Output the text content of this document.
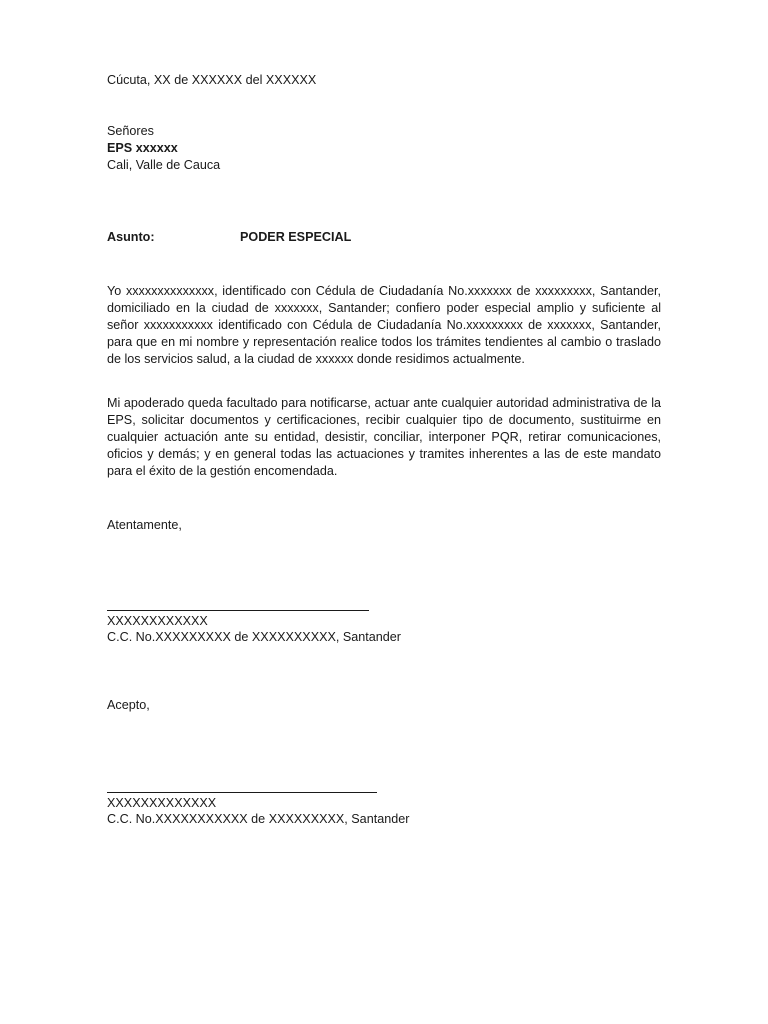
Cúcuta, XX de XXXXXX del XXXXXX
Señores
EPS xxxxxx
Cali, Valle de Cauca
Asunto:	PODER ESPECIAL

Yo xxxxxxxxxxxxxx, identificado con Cédula de Ciudadanía No.xxxxxxx de xxxxxxxxx, Santander, domiciliado en la ciudad de xxxxxxx, Santander; confiero poder especial amplio y suficiente al señor xxxxxxxxxxx identificado con Cédula de Ciudadanía No.xxxxxxxxx de xxxxxxx, Santander, para que en mi nombre y representación realice todos los trámites tendientes al cambio o traslado de los servicios salud, a la ciudad de xxxxxx donde residimos actualmente.

Mi apoderado queda facultado para notificarse, actuar ante cualquier autoridad administrativa de la EPS, solicitar documentos y certificaciones, recibir cualquier tipo de documento, sustituirme en cualquier actuación ante su entidad, desistir, conciliar, interponer PQR, retirar comunicaciones, oficios y demás; y en general todas las actuaciones y tramites inherentes a las de este mandato para el éxito de la gestión encomendada.

Atentamente,
XXXXXXXXXXXX
C.C. No.XXXXXXXXX de XXXXXXXXXX, Santander
Acepto,
XXXXXXXXXXXXX
C.C. No.XXXXXXXXXXX de XXXXXXXXX, Santander
